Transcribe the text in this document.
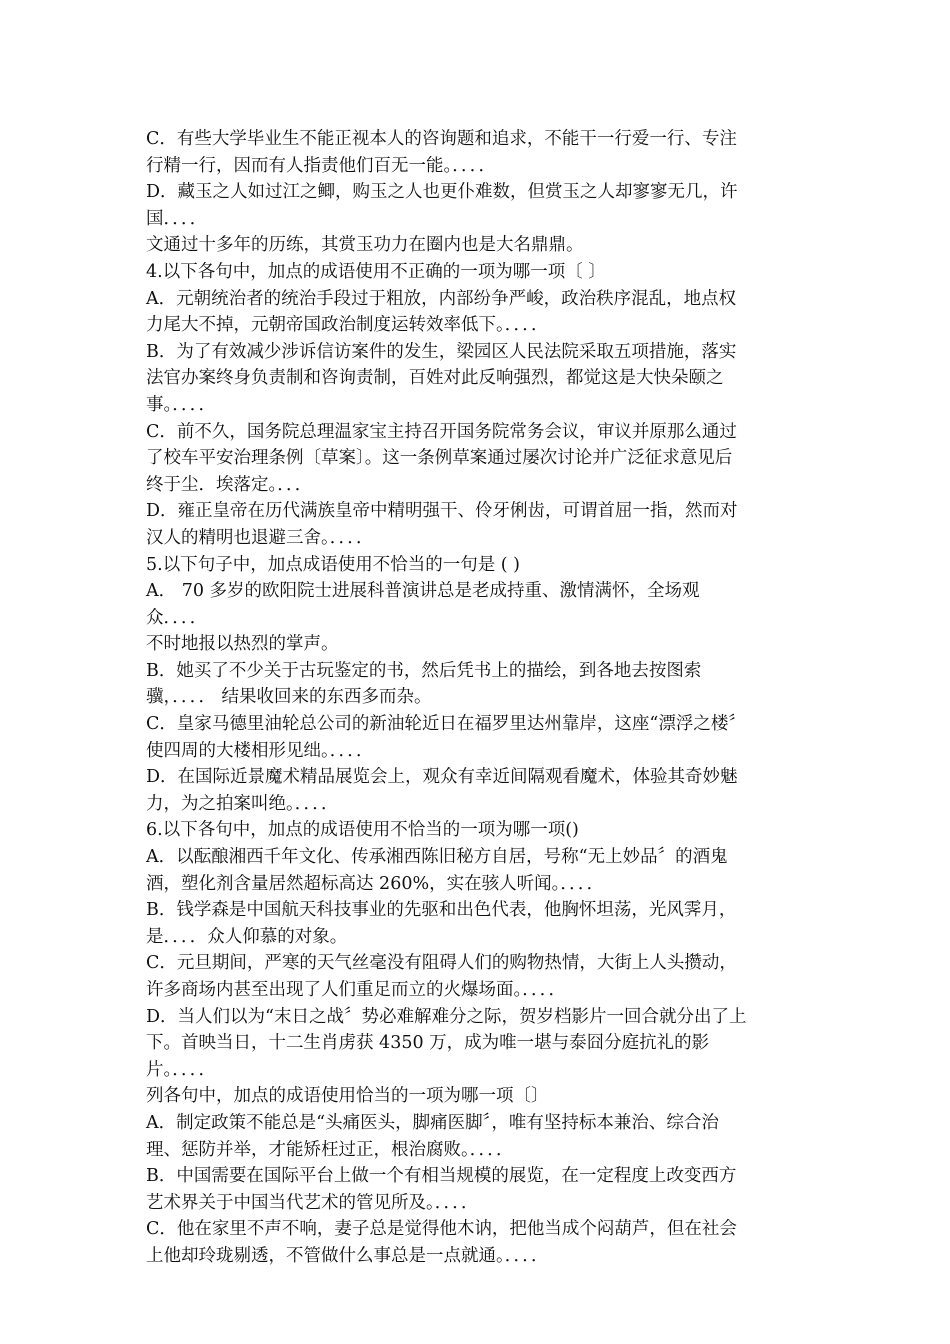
C．有些大学毕业生不能正视本人的咨询题和追求，不能干一行爱一行、专注
行精一行，因而有人指责他们百无一能。．．．．
D．藏玉之人如过江之鲫，购玉之人也更仆难数，但赏玉之人却寥寥无几，许
国．．．．
文通过十多年的历练，其赏玉功力在圈内也是大名鼎鼎。
4.以下各句中，加点的成语使用不正确的一项为哪一项〔 〕
A．元朝统治者的统治手段过于粗放，内部纷争严峻，政治秩序混乱，地点权
力尾大不掉，元朝帝国政治制度运转效率低下。．．．．
B．为了有效减少涉诉信访案件的发生，梁园区人民法院采取五项措施，落实
法官办案终身负责制和咨询责制，百姓对此反响强烈，都觉这是大快朵颐之
事。．．．．
C．前不久，国务院总理温家宝主持召开国务院常务会议，审议并原那么通过
了校车平安治理条例〔草案〕。这一条例草案通过屡次讨论并广泛征求意见后
终于尘．埃落定。．．．
D．雍正皇帝在历代满族皇帝中精明强干、伶牙俐齿，可谓首屈一指，然而对
汉人的精明也退避三舍。．．．．
5.以下句子中，加点成语使用不恰当的一句是 ( )
A． 70 多岁的欧阳院士进展科普演讲总是老成持重、激情满怀，全场观
众．．．．
不时地报以热烈的掌声。
B．她买了不少关于古玩鉴定的书，然后凭书上的描绘，到各地去按图索
骥，．．．． 结果收回来的东西多而杂。
C．皇家马德里油轮总公司的新油轮近日在福罗里达州靠岸，这座“漂浮之楼〞
使四周的大楼相形见绌。．．．．
D．在国际近景魔术精品展览会上，观众有幸近间隔观看魔术，体验其奇妙魅
力，为之拍案叫绝。．．．．
6.以下各句中，加点的成语使用不恰当的一项为哪一项()
A．以酝酿湘西千年文化、传承湘西陈旧秘方自居，号称“无上妙品〞的酒鬼
酒，塑化剂含量居然超标高达 260%，实在骇人听闻。．．．．
B．钱学森是中国航天科技事业的先驱和出色代表，他胸怀坦荡，光风霁月，
是．．．．众人仰慕的对象。
C．元旦期间，严寒的天气丝毫没有阻碍人们的购物热情，大街上人头攒动，
许多商场内甚至出现了人们重足而立的火爆场面。．．．．
D．当人们以为“末日之战〞势必难解难分之际，贺岁档影片一回合就分出了上
下。首映当日，十二生肖虏获 4350 万，成为唯一堪与泰囧分庭抗礼的影
片。．．．．
列各句中，加点的成语使用恰当的一项为哪一项〔〕
A．制定政策不能总是“头痛医头，脚痛医脚〞，唯有坚持标本兼治、综合治
理、惩防并举，才能矫枉过正，根治腐败。．．．．
B．中国需要在国际平台上做一个有相当规模的展览，在一定程度上改变西方
艺术界关于中国当代艺术的管见所及。．．．．
C．他在家里不声不响，妻子总是觉得他木讷，把他当成个闷葫芦，但在社会
上他却玲珑剔透，不管做什么事总是一点就通。．．．．
